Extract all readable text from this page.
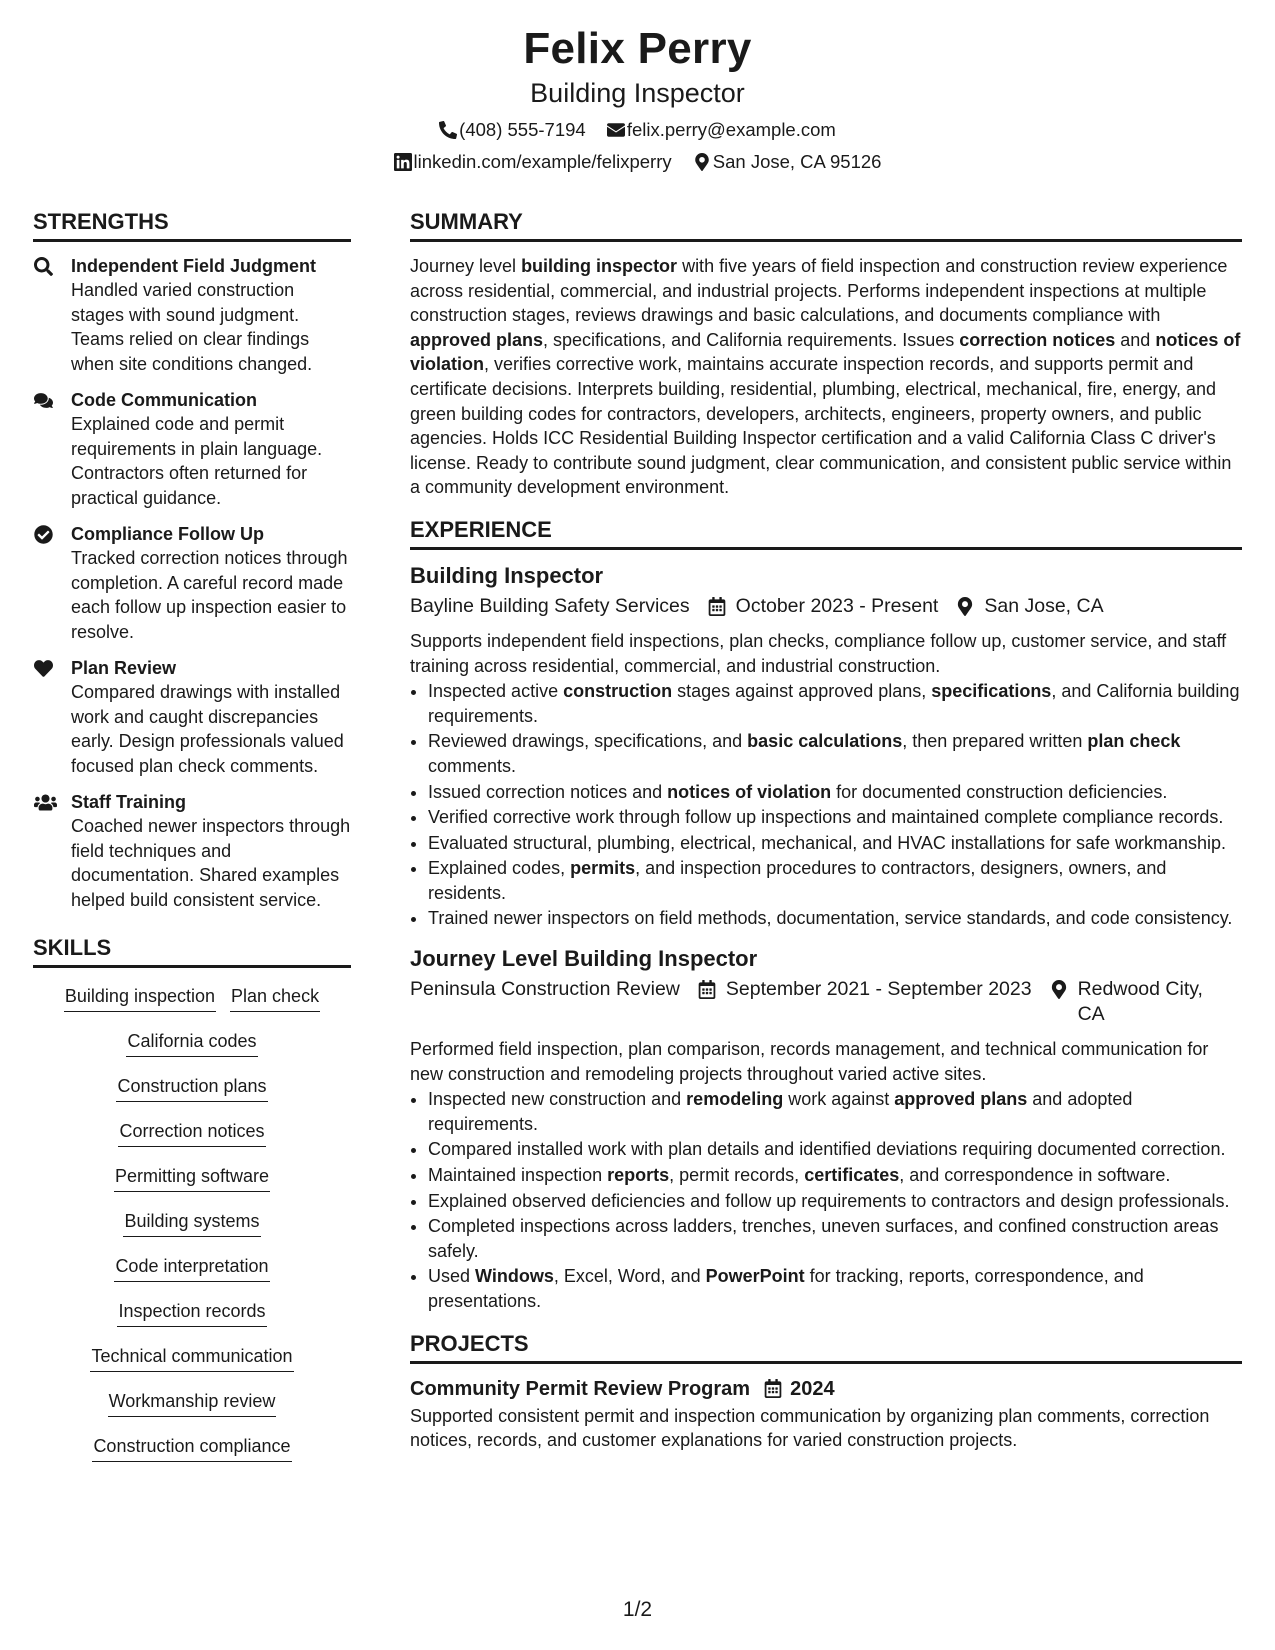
Felix Perry
Building Inspector
(408) 555-7194 felix.perry@example.com
linkedin.com/example/felixperry San Jose, CA 95126
STRENGTHS
Independent Field Judgment
Handled varied construction stages with sound judgment. Teams relied on clear findings when site conditions changed.
Code Communication
Explained code and permit requirements in plain language. Contractors often returned for practical guidance.
Compliance Follow Up
Tracked correction notices through completion. A careful record made each follow up inspection easier to resolve.
Plan Review
Compared drawings with installed work and caught discrepancies early. Design professionals valued focused plan check comments.
Staff Training
Coached newer inspectors through field techniques and documentation. Shared examples helped build consistent service.
SKILLS
Building inspection Plan check
California codes
Construction plans
Correction notices
Permitting software
Building systems
Code interpretation
Inspection records
Technical communication
Workmanship review
Construction compliance
SUMMARY
Journey level building inspector with five years of field inspection and construction review experience across residential, commercial, and industrial projects. Performs independent inspections at multiple construction stages, reviews drawings and basic calculations, and documents compliance with approved plans, specifications, and California requirements. Issues correction notices and notices of violation, verifies corrective work, maintains accurate inspection records, and supports permit and certificate decisions. Interprets building, residential, plumbing, electrical, mechanical, fire, energy, and green building codes for contractors, developers, architects, engineers, property owners, and public agencies. Holds ICC Residential Building Inspector certification and a valid California Class C driver's license. Ready to contribute sound judgment, clear communication, and consistent public service within a community development environment.
EXPERIENCE
Building Inspector
Bayline Building Safety Services October 2023 - Present San Jose, CA
Supports independent field inspections, plan checks, compliance follow up, customer service, and staff training across residential, commercial, and industrial construction.
• Inspected active construction stages against approved plans, specifications, and California building requirements.
• Reviewed drawings, specifications, and basic calculations, then prepared written plan check comments.
• Issued correction notices and notices of violation for documented construction deficiencies.
• Verified corrective work through follow up inspections and maintained complete compliance records.
• Evaluated structural, plumbing, electrical, mechanical, and HVAC installations for safe workmanship.
• Explained codes, permits, and inspection procedures to contractors, designers, owners, and residents.
• Trained newer inspectors on field methods, documentation, service standards, and code consistency.
Journey Level Building Inspector
Peninsula Construction Review September 2021 - September 2023 Redwood City, CA
Performed field inspection, plan comparison, records management, and technical communication for new construction and remodeling projects throughout varied active sites.
• Inspected new construction and remodeling work against approved plans and adopted requirements.
• Compared installed work with plan details and identified deviations requiring documented correction.
• Maintained inspection reports, permit records, certificates, and correspondence in software.
• Explained observed deficiencies and follow up requirements to contractors and design professionals.
• Completed inspections across ladders, trenches, uneven surfaces, and confined construction areas safely.
• Used Windows, Excel, Word, and PowerPoint for tracking, reports, correspondence, and presentations.
PROJECTS
Community Permit Review Program 2024
Supported consistent permit and inspection communication by organizing plan comments, correction notices, records, and customer explanations for varied construction projects.
1/2
